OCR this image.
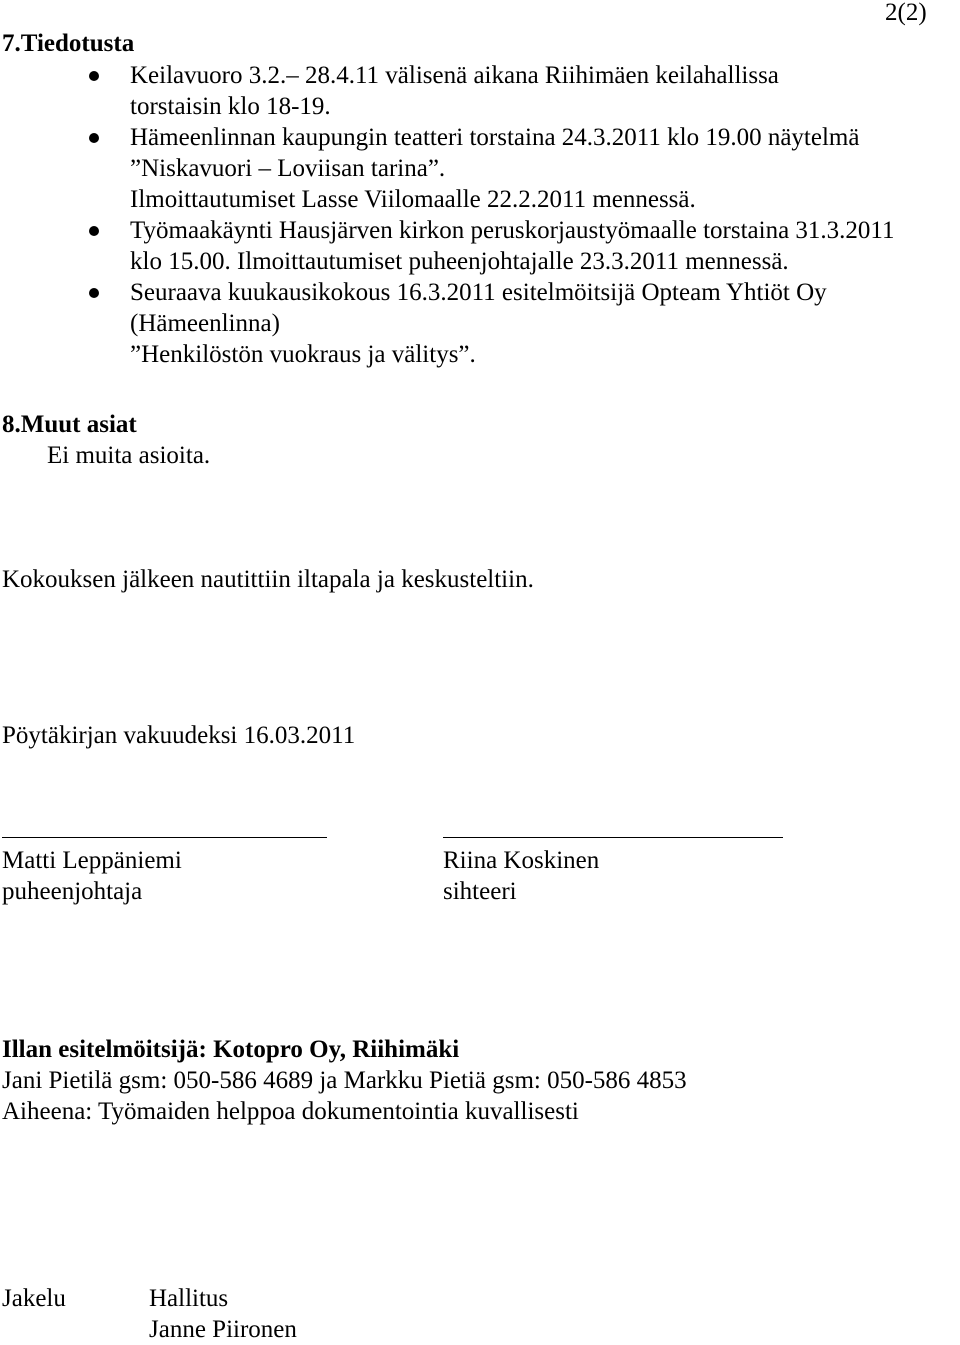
2(2)
7.Tiedotusta
Keilavuoro 3.2.– 28.4.11 välisenä aikana Riihimäen keilahallissa
torstaisin klo 18-19.
Hämeenlinnan kaupungin teatteri torstaina 24.3.2011 klo 19.00 näytelmä
”Niskavuori – Loviisan tarina”.
Ilmoittautumiset Lasse Viilomaalle 22.2.2011 mennessä.
Työmaakäynti Hausjärven kirkon peruskorjaustyömaalle torstaina 31.3.2011
klo 15.00. Ilmoittautumiset puheenjohtajalle 23.3.2011 mennessä.
Seuraava kuukausikokous 16.3.2011 esitelmöitsijä Opteam Yhtiöt Oy
(Hämeenlinna)
”Henkilöstön vuokraus ja välitys”.
8.Muut asiat
Ei muita asioita.
Kokouksen jälkeen nautittiin iltapala ja keskusteltiin.
Pöytäkirjan vakuudeksi 16.03.2011
Matti Leppäniemi
puheenjohtaja
Riina Koskinen
sihteeri
Illan esitelmöitsijä: Kotopro Oy, Riihimäki
Jani Pietilä gsm: 050-586 4689 ja Markku Pietiä gsm: 050-586 4853
Aiheena: Työmaiden helppoa dokumentointia kuvallisesti
Jakelu	Hallitus
Janne Piironen
